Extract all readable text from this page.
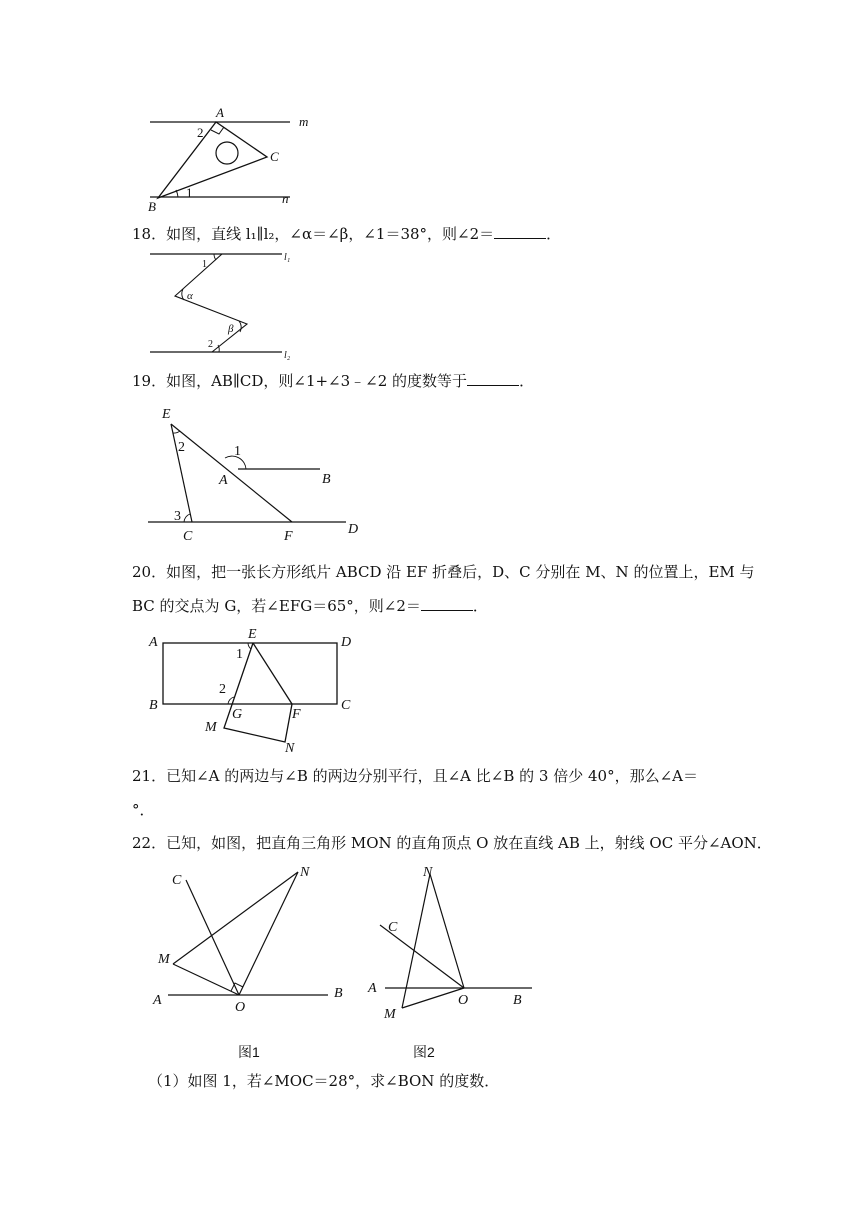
A
2
C
m
1	n
B
18．如图，直线 l₁∥l₂，∠α＝∠β，∠1＝38°，则∠2＝	．
1
α
β
2
l₁
l₂
19．如图，AB∥CD，则∠1+∠3﹣∠2 的度数等于	．
E
2	1
A	B
3
C	F	D
20．如图，把一张长方形纸片 ABCD 沿 EF 折叠后，D、C 分别在 M、N 的位置上，EM 与
BC 的交点为 G，若∠EFG＝65°，则∠2＝	．
A
E
D
1
2
B
G	F
C
M
N
21．已知∠A 的两边与∠B 的两边分别平行，且∠A 比∠B 的 3 倍少 40°，那么∠A＝
°．
22．已知，如图，把直角三角形 MON 的直角顶点 O 放在直线 AB 上，射线 OC 平分∠AON．
C
N
M
A	O
B
N
C
A
O	B
M
图1	图2
（1）如图 1，若∠MOC＝28°，求∠BON 的度数．
